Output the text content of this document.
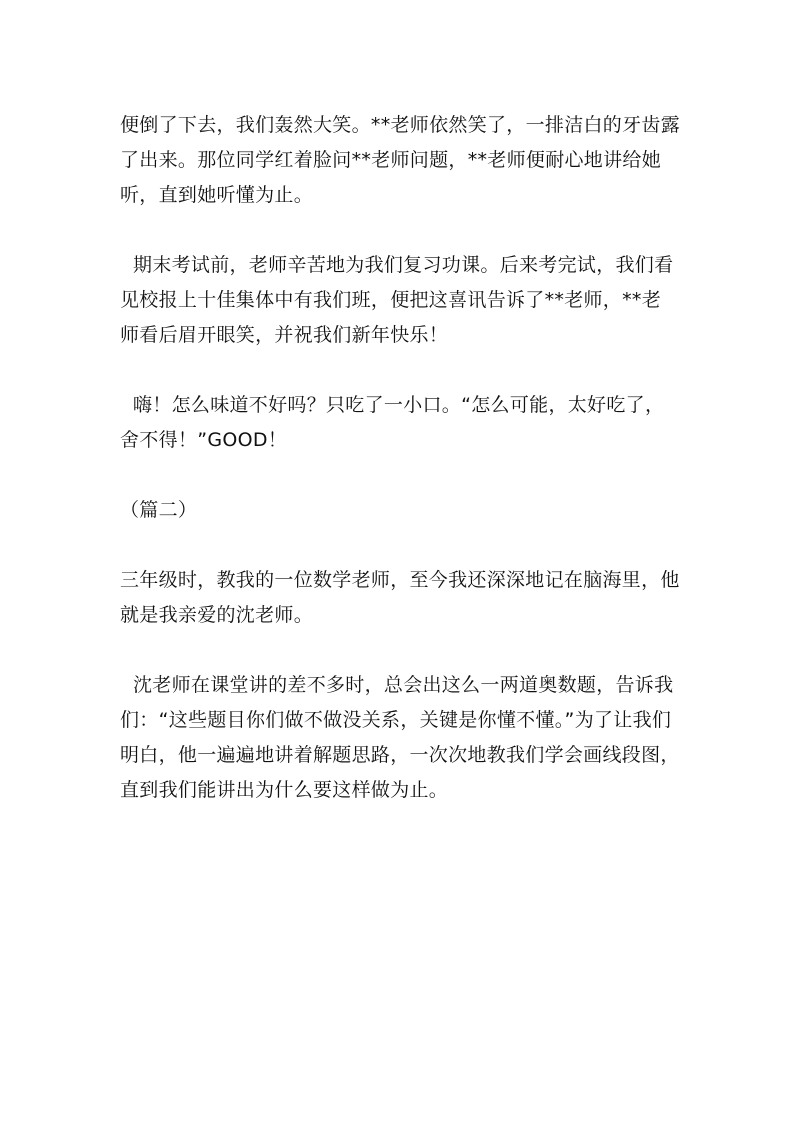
便倒了下去，我们轰然大笑。**老师依然笑了，一排洁白的牙齿露了出来。那位同学红着脸问**老师问题，**老师便耐心地讲给她听，直到她听懂为止。

期末考试前，老师辛苦地为我们复习功课。后来考完试，我们看见校报上十佳集体中有我们班，便把这喜讯告诉了**老师，**老师看后眉开眼笑，并祝我们新年快乐！

嗨！怎么味道不好吗？只吃了一小口。“怎么可能，太好吃了，舍不得！”GOOD！

（篇二）

三年级时，教我的一位数学老师，至今我还深深地记在脑海里，他就是我亲爱的沈老师。

沈老师在课堂讲的差不多时，总会出这么一两道奥数题，告诉我们：“这些题目你们做不做没关系，关键是你懂不懂。”为了让我们明白，他一遍遍地讲着解题思路，一次次地教我们学会画线段图，直到我们能讲出为什么要这样做为止。
